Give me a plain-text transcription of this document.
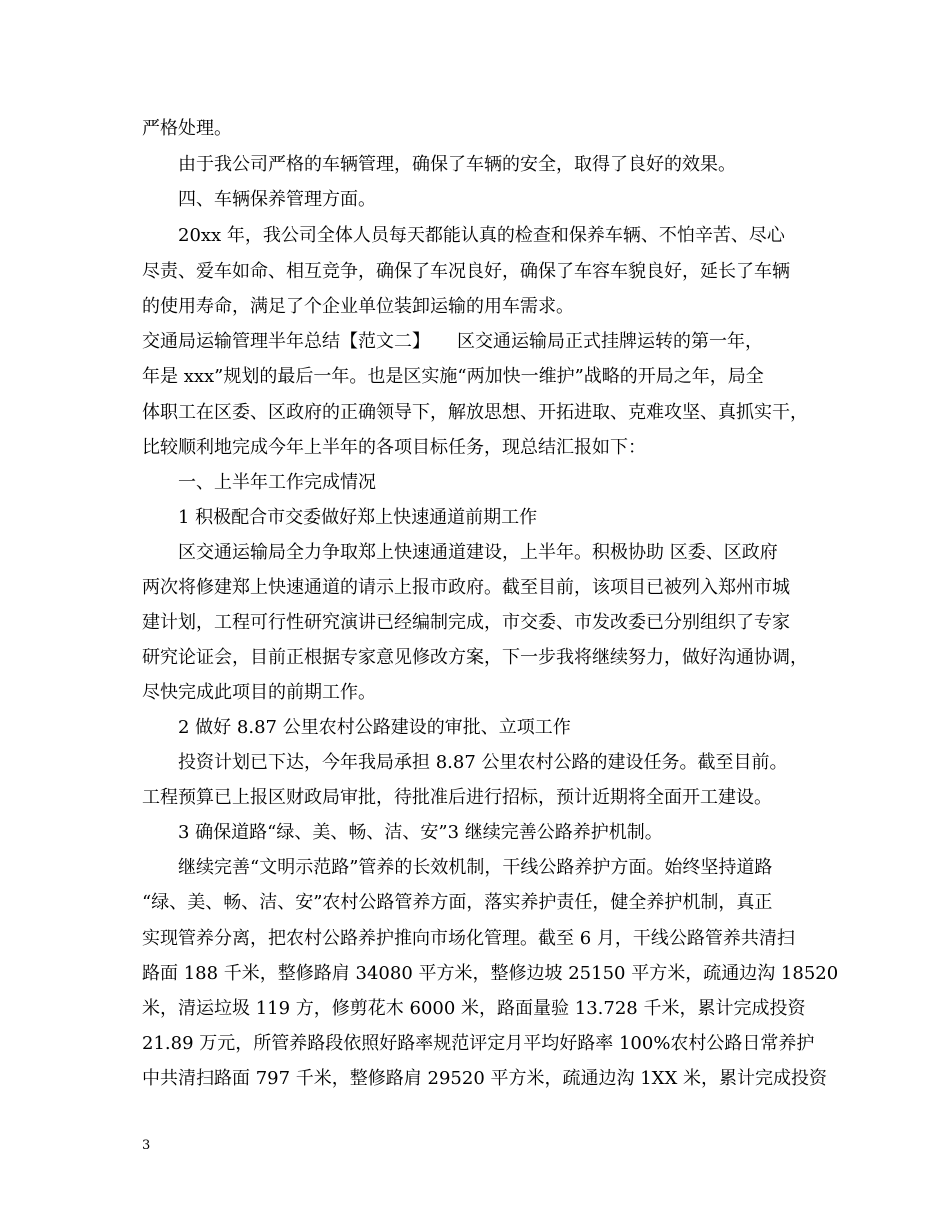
严格处理。
由于我公司严格的车辆管理，确保了车辆的安全，取得了良好的效果。
四、车辆保养管理方面。
20xx 年，我公司全体人员每天都能认真的检查和保养车辆、不怕辛苦、尽心
尽责、爱车如命、相互竞争，确保了车况良好，确保了车容车貌良好，延长了车辆
的使用寿命，满足了个企业单位装卸运输的用车需求。
交通局运输管理半年总结【范文二】　　区交通运输局正式挂牌运转的第一年，
年是 xxx”规划的最后一年。也是区实施“两加快一维护”战略的开局之年，局全
体职工在区委、区政府的正确领导下，解放思想、开拓进取、克难攻坚、真抓实干，
比较顺利地完成今年上半年的各项目标任务，现总结汇报如下：
一、上半年工作完成情况
1 积极配合市交委做好郑上快速通道前期工作
区交通运输局全力争取郑上快速通道建设，上半年。积极协助 区委、区政府
两次将修建郑上快速通道的请示上报市政府。截至目前，该项目已被列入郑州市城
建计划，工程可行性研究演讲已经编制完成，市交委、市发改委已分别组织了专家
研究论证会，目前正根据专家意见修改方案，下一步我将继续努力，做好沟通协调，
尽快完成此项目的前期工作。
2 做好 8.87 公里农村公路建设的审批、立项工作
投资计划已下达，今年我局承担 8.87 公里农村公路的建设任务。截至目前。
工程预算已上报区财政局审批，待批准后进行招标，预计近期将全面开工建设。
3 确保道路“绿、美、畅、洁、安”3 继续完善公路养护机制。
继续完善“文明示范路”管养的长效机制，干线公路养护方面。始终坚持道路
“绿、美、畅、洁、安”农村公路管养方面，落实养护责任，健全养护机制，真正
实现管养分离，把农村公路养护推向市场化管理。截至 6 月，干线公路管养共清扫
路面 188 千米，整修路肩 34080 平方米，整修边坡 25150 平方米，疏通边沟 18520
米，清运垃圾 119 方，修剪花木 6000 米，路面量验 13.728 千米，累计完成投资
21.89 万元，所管养路段依照好路率规范评定月平均好路率 100%农村公路日常养护
中共清扫路面 797 千米，整修路肩 29520 平方米，疏通边沟 1XX 米，累计完成投资
3
